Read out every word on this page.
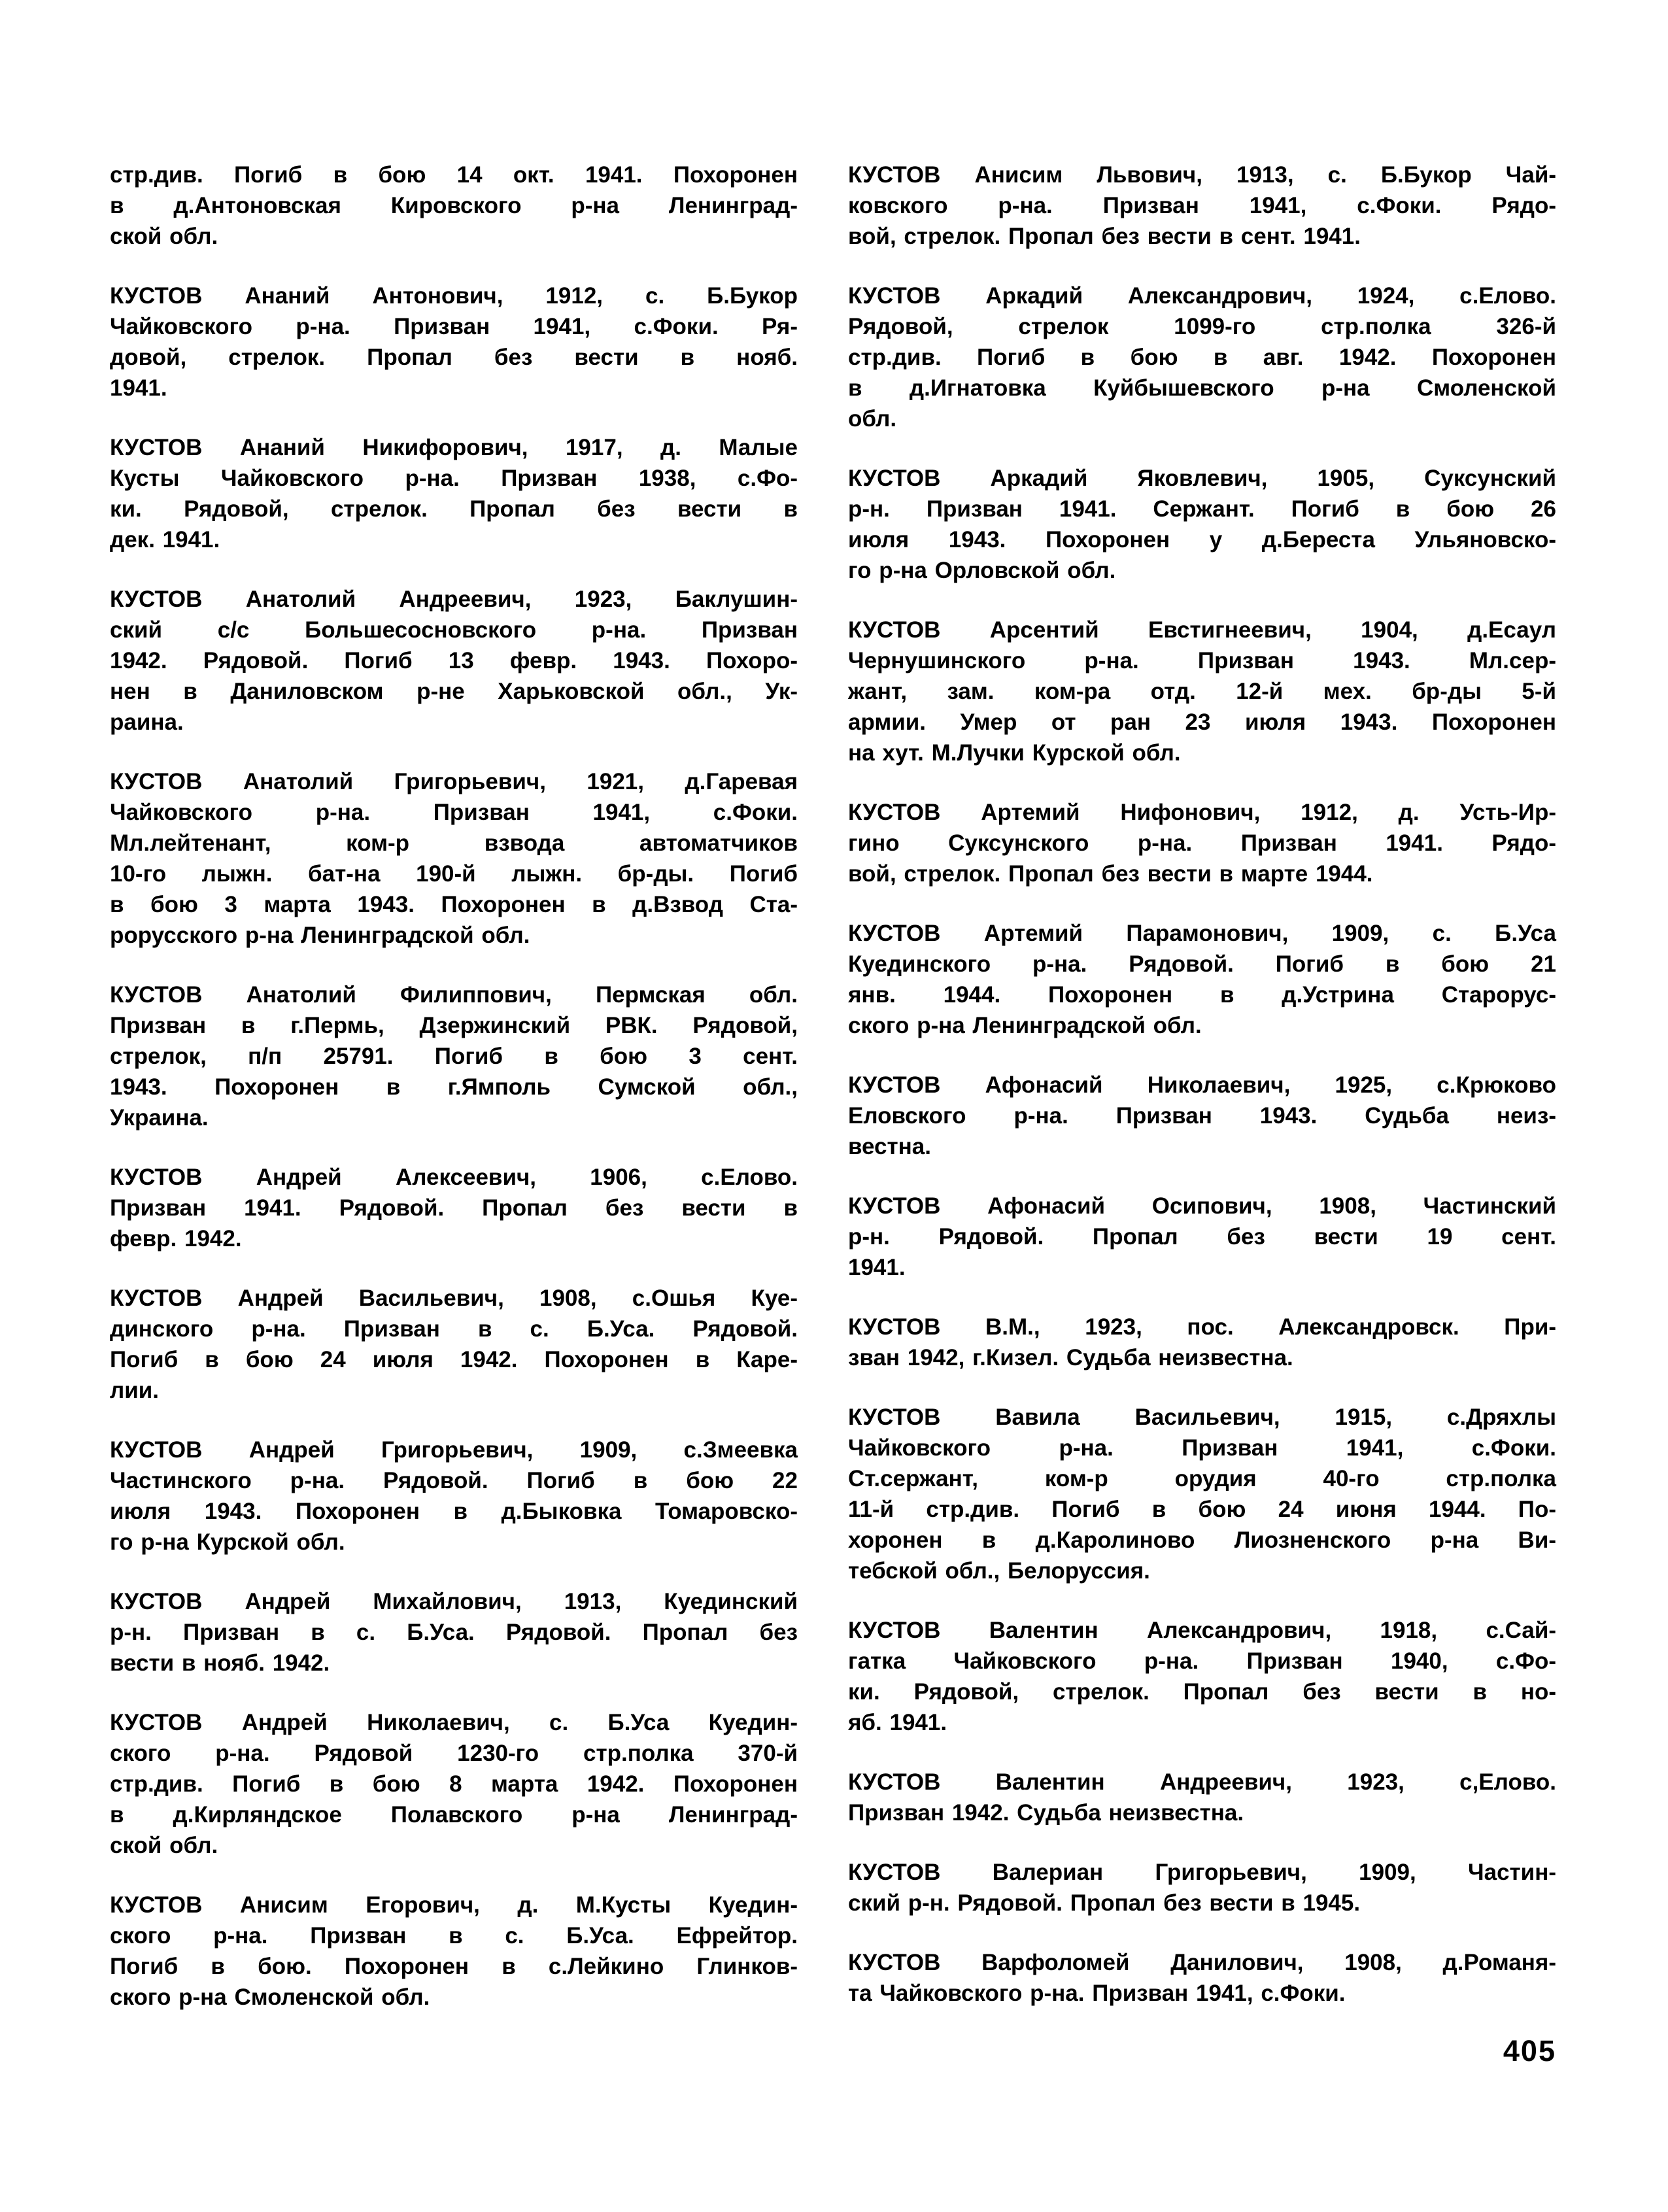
стр.див. Погиб в бою 14 окт. 1941. Похоронен
в д.Антоновская Кировского р-на Ленинград-
ской обл.
КУСТОВ Ананий Антонович, 1912, с. Б.Букор
Чайковского р-на. Призван 1941, с.Фоки. Ря-
довой, стрелок. Пропал без вести в нояб.
1941.
КУСТОВ Ананий Никифорович, 1917, д. Малые
Кусты Чайковского р-на. Призван 1938, с.Фо-
ки. Рядовой, стрелок. Пропал без вести в
дек. 1941.
КУСТОВ Анатолий Андреевич, 1923, Баклушин-
ский с/с Большесосновского р-на. Призван
1942. Рядовой. Погиб 13 февр. 1943. Похоро-
нен в Даниловском р-не Харьковской обл., Ук-
раина.
КУСТОВ Анатолий Григорьевич, 1921, д.Гаревая
Чайковского р-на. Призван 1941, с.Фоки.
Мл.лейтенант, ком-р взвода автоматчиков
10-го лыжн. бат-на 190-й лыжн. бр-ды. Погиб
в бою 3 марта 1943. Похоронен в д.Взвод Ста-
рорусского р-на Ленинградской обл.
КУСТОВ Анатолий Филиппович, Пермская обл.
Призван в г.Пермь, Дзержинский РВК. Рядовой,
стрелок, п/п 25791. Погиб в бою 3 сент.
1943. Похоронен в г.Ямполь Сумской обл.,
Украина.
КУСТОВ Андрей Алексеевич, 1906, с.Елово.
Призван 1941. Рядовой. Пропал без вести в
февр. 1942.
КУСТОВ Андрей Васильевич, 1908, с.Ошья Куе-
динского р-на. Призван в с. Б.Уса. Рядовой.
Погиб в бою 24 июля 1942. Похоронен в Каре-
лии.
КУСТОВ Андрей Григорьевич, 1909, с.Змеевка
Частинского р-на. Рядовой. Погиб в бою 22
июля 1943. Похоронен в д.Быковка Томаровско-
го р-на Курской обл.
КУСТОВ Андрей Михайлович, 1913, Куединский
р-н. Призван в с. Б.Уса. Рядовой. Пропал без
вести в нояб. 1942.
КУСТОВ Андрей Николаевич, с. Б.Уса Куедин-
ского р-на. Рядовой 1230-го стр.полка 370-й
стр.див. Погиб в бою 8 марта 1942. Похоронен
в д.Кирляндское Полавского р-на Ленинград-
ской обл.
КУСТОВ Анисим Егорович, д. М.Кусты Куедин-
ского р-на. Призван в с. Б.Уса. Ефрейтор.
Погиб в бою. Похоронен в с.Лейкино Глинков-
ского р-на Смоленской обл.
КУСТОВ Анисим Львович, 1913, с. Б.Букор Чай-
ковского р-на. Призван 1941, с.Фоки. Рядо-
вой, стрелок. Пропал без вести в сент. 1941.
КУСТОВ Аркадий Александрович, 1924, с.Елово.
Рядовой, стрелок 1099-го стр.полка 326-й
стр.див. Погиб в бою в авг. 1942. Похоронен
в д.Игнатовка Куйбышевского р-на Смоленской
обл.
КУСТОВ Аркадий Яковлевич, 1905, Суксунский
р-н. Призван 1941. Сержант. Погиб в бою 26
июля 1943. Похоронен у д.Береста Ульяновско-
го р-на Орловской обл.
КУСТОВ Арсентий Евстигнеевич, 1904, д.Есаул
Чернушинского р-на. Призван 1943. Мл.сер-
жант, зам. ком-ра отд. 12-й мех. бр-ды 5-й
армии. Умер от ран 23 июля 1943. Похоронен
на хут. М.Лучки Курской обл.
КУСТОВ Артемий Нифонович, 1912, д. Усть-Ир-
гино Суксунского р-на. Призван 1941. Рядо-
вой, стрелок. Пропал без вести в марте 1944.
КУСТОВ Артемий Парамонович, 1909, с. Б.Уса
Куединского р-на. Рядовой. Погиб в бою 21
янв. 1944. Похоронен в д.Устрина Старорус-
ского р-на Ленинградской обл.
КУСТОВ Афонасий Николаевич, 1925, с.Крюково
Еловского р-на. Призван 1943. Судьба неиз-
вестна.
КУСТОВ Афонасий Осипович, 1908, Частинский
р-н. Рядовой. Пропал без вести 19 сент.
1941.
КУСТОВ В.М., 1923, пос. Александровск. При-
зван 1942, г.Кизел. Судьба неизвестна.
КУСТОВ Вавила Васильевич, 1915, с.Дряхлы
Чайковского р-на. Призван 1941, с.Фоки.
Ст.сержант, ком-р орудия 40-го стр.полка
11-й стр.див. Погиб в бою 24 июня 1944. По-
хоронен в д.Каролиново Лиозненского р-на Ви-
тебской обл., Белоруссия.
КУСТОВ Валентин Александрович, 1918, с.Сай-
гатка Чайковского р-на. Призван 1940, с.Фо-
ки. Рядовой, стрелок. Пропал без вести в но-
яб. 1941.
КУСТОВ Валентин Андреевич, 1923, с,Елово.
Призван 1942. Судьба неизвестна.
КУСТОВ Валериан Григорьевич, 1909, Частин-
ский р-н. Рядовой. Пропал без вести в 1945.
КУСТОВ Варфоломей Данилович, 1908, д.Романя-
та Чайковского р-на. Призван 1941, с.Фоки.
405
